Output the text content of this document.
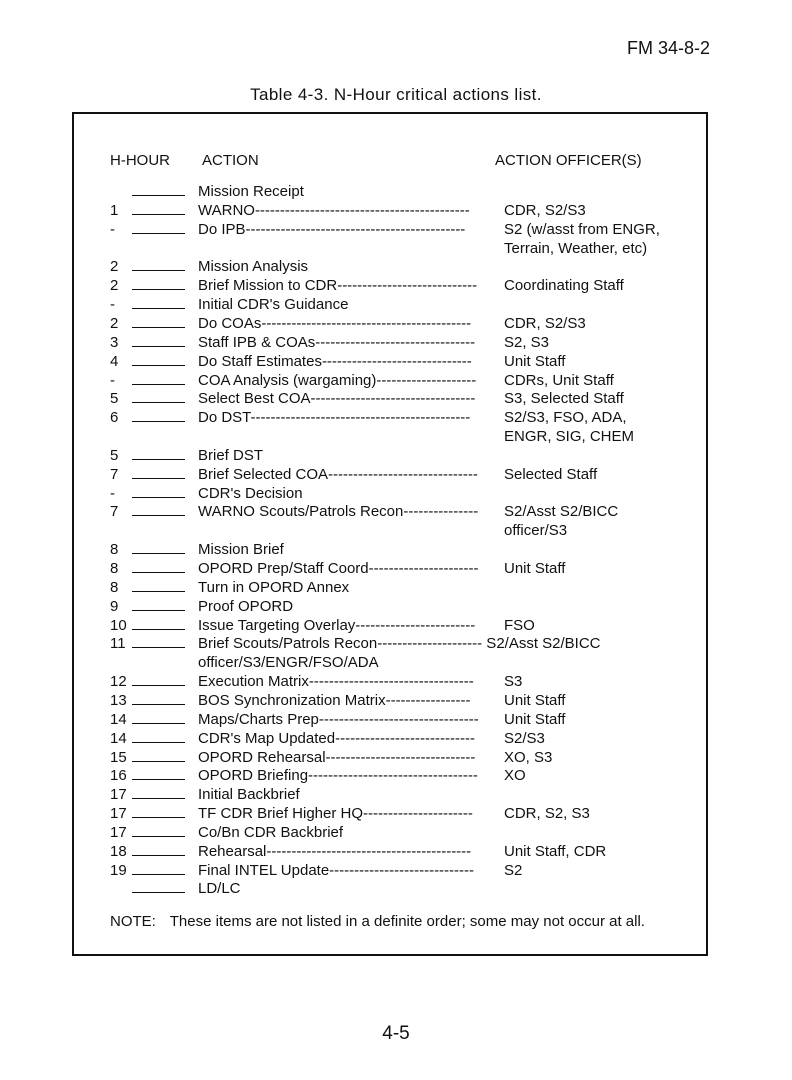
FM 34-8-2
Table 4-3. N-Hour critical actions list.
H-HOUR ACTION	ACTION OFFICER(S)
Mission Receipt
1	WARNO------------------------------------------- CDR, S2/S3
-	Do IPB--------------------------------------------	S2 (w/asst from ENGR,
Terrain, Weather, etc)
2	Mission Analysis
2	Brief Mission to CDR---------------------------- Coordinating Staff
-	Initial CDR's Guidance
2	Do COAs------------------------------------------ CDR, S2/S3
3	Staff IPB & COAs-------------------------------- S2, S3
4	Do Staff Estimates------------------------------ Unit Staff
-	COA Analysis (wargaming)-------------------- CDRs, Unit Staff
5	Select Best COA--------------------------------- S3, Selected Staff
6	Do DST-------------------------------------------- S2/S3, FSO, ADA,
ENGR, SIG, CHEM
5	Brief DST
7	Brief Selected COA------------------------------ Selected Staff
-	CDR's Decision
7	WARNO Scouts/Patrols Recon--------------- S2/Asst S2/BICC
officer/S3
8	Mission Brief
8	OPORD Prep/Staff Coord---------------------- Unit Staff
8	Turn in OPORD Annex
9	Proof OPORD
10	Issue Targeting Overlay------------------------ FSO
11	Brief Scouts/Patrols Recon--------------------- S2/Asst S2/BICC
officer/S3/ENGR/FSO/ADA
12	Execution Matrix--------------------------------- S3
13	BOS Synchronization Matrix----------------- Unit Staff
14	Maps/Charts Prep-------------------------------- Unit Staff
14	CDR's Map Updated---------------------------- S2/S3
15	OPORD Rehearsal------------------------------ XO, S3
16	OPORD Briefing---------------------------------- XO
17	Initial Backbrief
17	TF CDR Brief Higher HQ---------------------- CDR, S2, S3
17	Co/Bn CDR Backbrief
18	Rehearsal----------------------------------------- Unit Staff, CDR
19	Final INTEL Update----------------------------- S2
LD/LC
NOTE: These items are not listed in a definite order; some may not occur at all.
4-5
